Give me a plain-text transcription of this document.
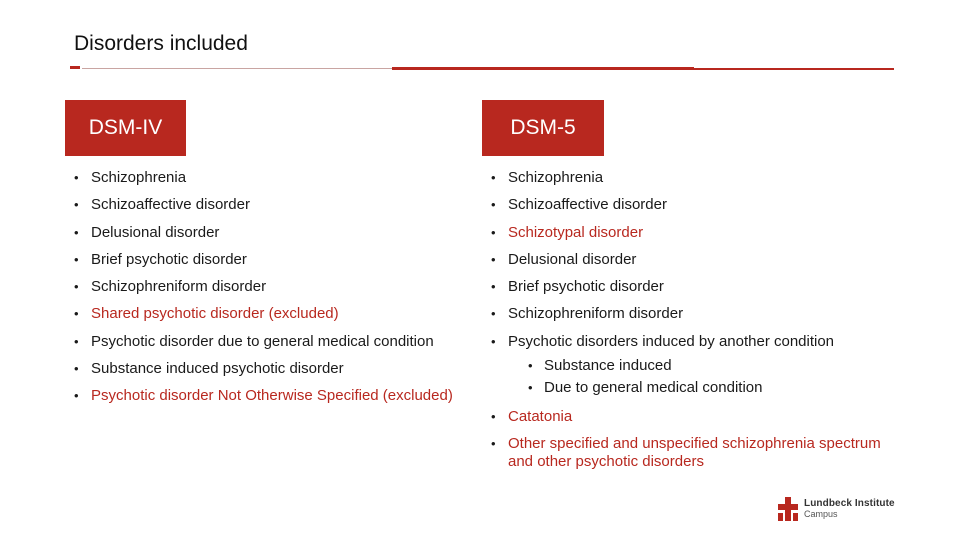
Disorders included
DSM-IV	DSM-5
• Schizophrenia
• Schizoaffective disorder
• Delusional disorder
• Brief psychotic disorder
• Schizophreniform disorder
• Shared psychotic disorder (excluded)
• Psychotic disorder due to general medical condition
• Substance induced psychotic disorder
• Psychotic disorder Not Otherwise Specified (excluded)
• Schizophrenia
• Schizoaffective disorder
• Schizotypal disorder
• Delusional disorder
• Brief psychotic disorder
• Schizophreniform disorder
• Psychotic disorders induced by another condition
• Substance induced
• Due to general medical condition
• Catatonia
• Other specified and unspecified schizophrenia spectrum and other psychotic disorders
Lundbeck Institute
Campus
